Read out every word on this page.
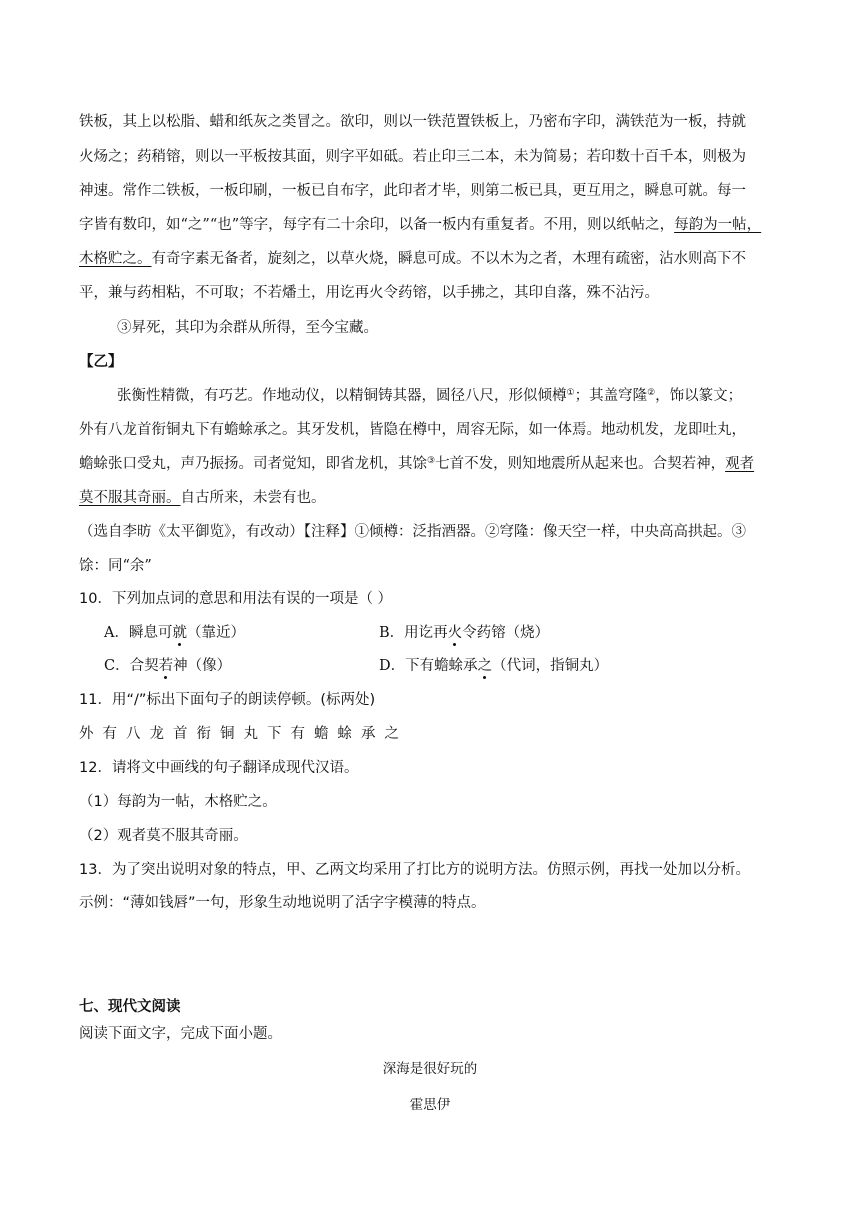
铁板，其上以松脂、蜡和纸灰之类冒之。欲印，则以一铁范置铁板上，乃密布字印，满铁范为一板，持就
火炀之；药稍镕，则以一平板按其面，则字平如砥。若止印三二本，未为简易；若印数十百千本，则极为
神速。常作二铁板，一板印刷，一板已自布字，此印者才毕，则第二板已具，更互用之，瞬息可就。每一
字皆有数印，如“之”“也”等字，每字有二十余印，以备一板内有重复者。不用，则以纸帖之，每韵为一帖，
木格贮之。有奇字素无备者，旋刻之，以草火烧，瞬息可成。不以木为之者，木理有疏密，沾水则高下不
平，兼与药相粘，不可取；不若燔土，用讫再火令药镕，以手拂之，其印自落，殊不沾污。
③昇死，其印为余群从所得，至今宝藏。
【乙】
张衡性精微，有巧艺。作地动仪，以精铜铸其器，圆径八尺，形似倾樽①；其盖穹隆②，饰以篆文；
外有八龙首衔铜丸下有蟾蜍承之。其牙发机，皆隐在樽中，周容无际，如一体焉。地动机发，龙即吐丸，
蟾蜍张口受丸，声乃振扬。司者觉知，即省龙机，其馀③七首不发，则知地震所从起来也。合契若神，观者
莫不服其奇丽。自古所来，未尝有也。
（选自李昉《太平御览》，有改动）【注释】①倾樽：泛指酒器。②穹隆：像天空一样，中央高高拱起。③
馀：同“余”
10．下列加点词的意思和用法有误的一项是（ ）
A．瞬息可就（靠近）	B．用讫再火令药镕（烧）
C．合契若神（像）	D．下有蟾蜍承之（代词，指铜丸）
11．用“/”标出下面句子的朗读停顿。(标两处)
外有八龙首衔铜丸下有蟾蜍承之
12．请将文中画线的句子翻译成现代汉语。
（1）每韵为一帖，木格贮之。
（2）观者莫不服其奇丽。
13．为了突出说明对象的特点，甲、乙两文均采用了打比方的说明方法。仿照示例，再找一处加以分析。
示例：“薄如钱唇”一句，形象生动地说明了活字字模薄的特点。
七、现代文阅读
阅读下面文字，完成下面小题。
深海是很好玩的
霍思伊
